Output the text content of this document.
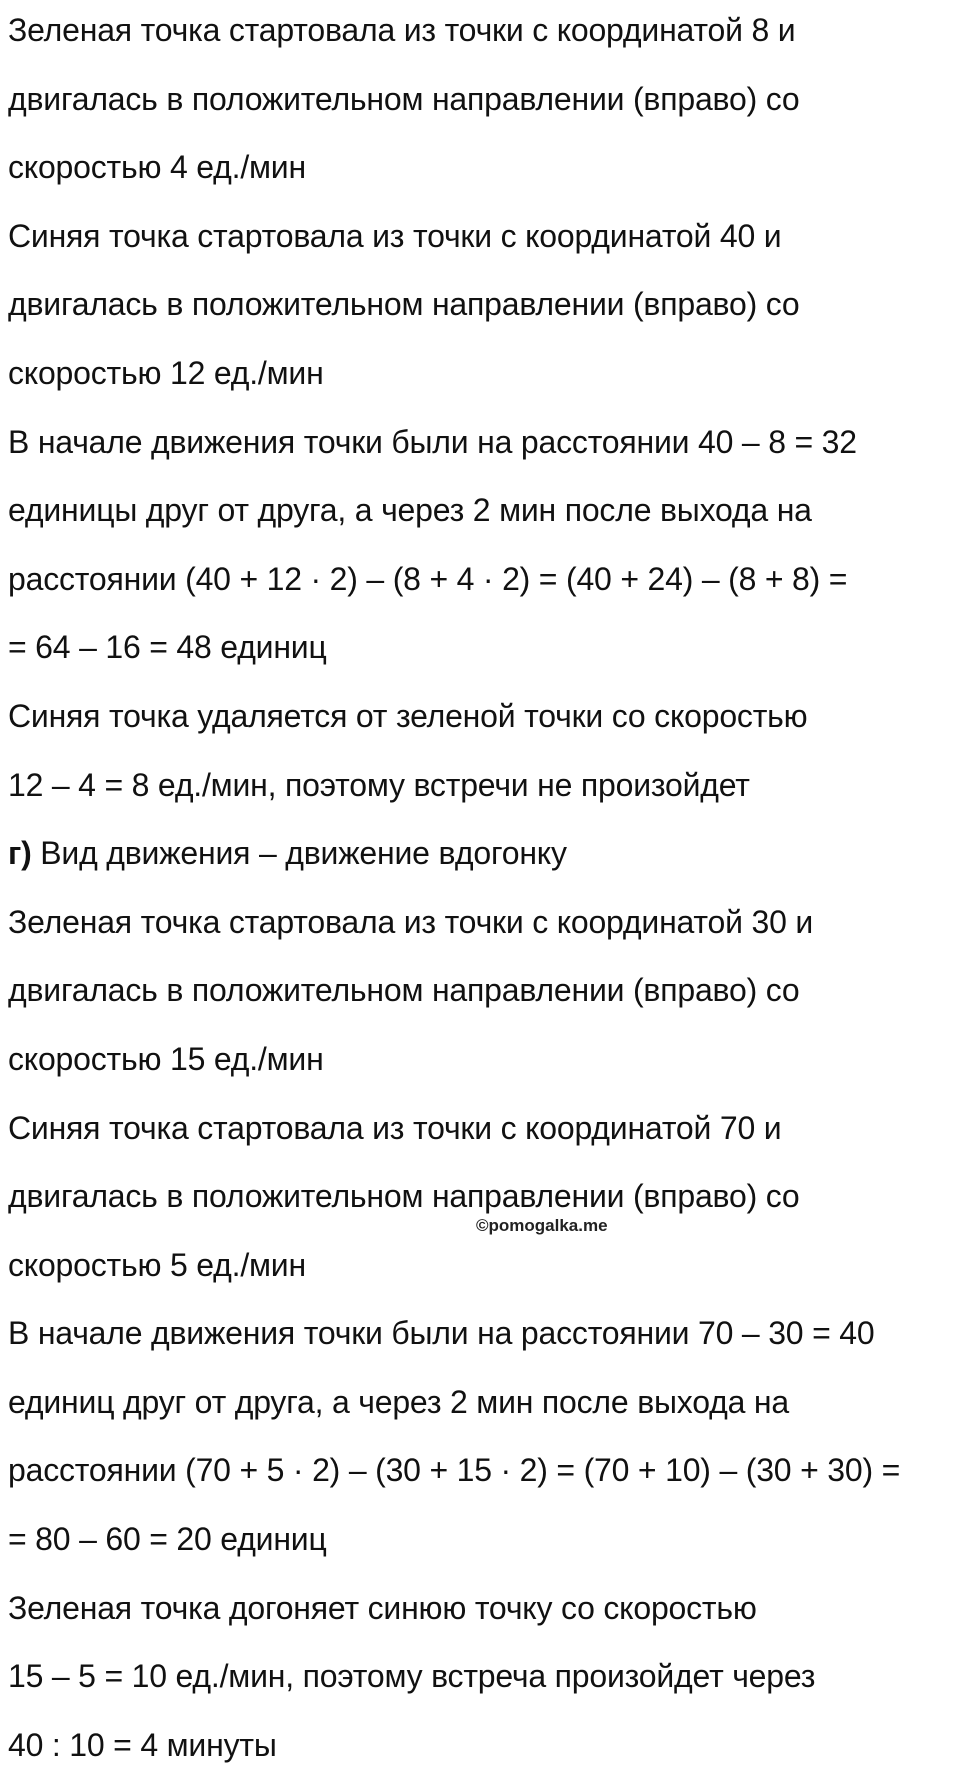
Зеленая точка стартовала из точки с координатой 8 и
двигалась в положительном направлении (вправо) со
скоростью 4 ед./мин
Синяя точка стартовала из точки с координатой 40 и
двигалась в положительном направлении (вправо) со
скоростью 12 ед./мин
В начале движения точки были на расстоянии 40 – 8 = 32
единицы друг от друга, а через 2 мин после выхода на
расстоянии (40 + 12 · 2) – (8 + 4 · 2) = (40 + 24) – (8 + 8) =
= 64 – 16 = 48 единиц
Синяя точка удаляется от зеленой точки со скоростью
12 – 4 = 8 ед./мин, поэтому встречи не произойдет
г) Вид движения – движение вдогонку
Зеленая точка стартовала из точки с координатой 30 и
двигалась в положительном направлении (вправо) со
скоростью 15 ед./мин
Синяя точка стартовала из точки с координатой 70 и
двигалась в положительном направлении (вправо) со
скоростью 5 ед./мин
В начале движения точки были на расстоянии 70 – 30 = 40
единиц друг от друга, а через 2 мин после выхода на
расстоянии (70 + 5 · 2) – (30 + 15 · 2) = (70 + 10) – (30 + 30) =
= 80 – 60 = 20 единиц
Зеленая точка догоняет синюю точку со скоростью
15 – 5 = 10 ед./мин, поэтому встреча произойдет через
40 : 10 = 4 минуты
©pomogalka.me
